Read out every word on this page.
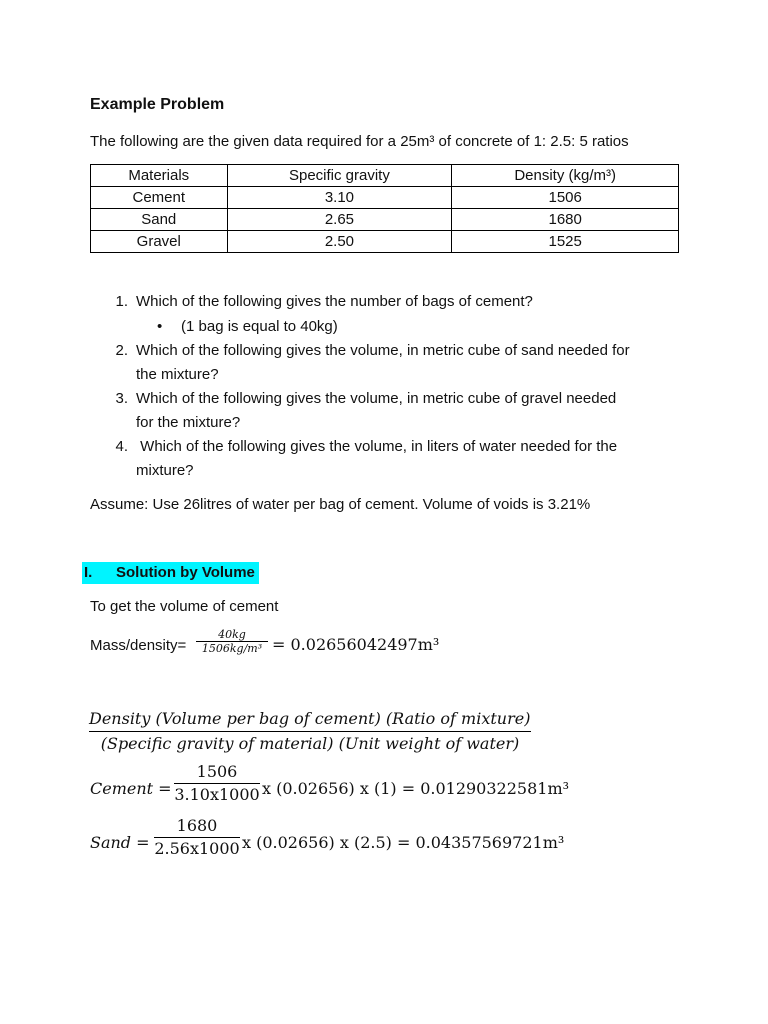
Example Problem
The following are the given data required for a 25m³ of concrete of 1: 2.5: 5 ratios
Materials	Specific gravity	Density (kg/m³)
Cement	3.10	1506
Sand	2.65	1680
Gravel	2.50	1525
1. Which of the following gives the number of bags of cement?
• (1 bag is equal to 40kg)
2. Which of the following gives the volume, in metric cube of sand needed for
the mixture?
3. Which of the following gives the volume, in metric cube of gravel needed
for the mixture?
4. Which of the following gives the volume, in liters of water needed for the
mixture?
Assume: Use 26litres of water per bag of cement. Volume of voids is 3.21%
I. Solution by Volume
To get the volume of cement
Mass/density=
40kg
1506kg/m³ = 0.02656042497m³
Density (Volume per bag of cement) (Ratio of mixture)
(Specific gravity of material) (Unit weight of water)
Cement =
1506
3.10x1000 x (0.02656) x (1) = 0.01290322581m³
Sand =
1680
2.56x1000 x (0.02656) x (2.5) = 0.04357569721m³
